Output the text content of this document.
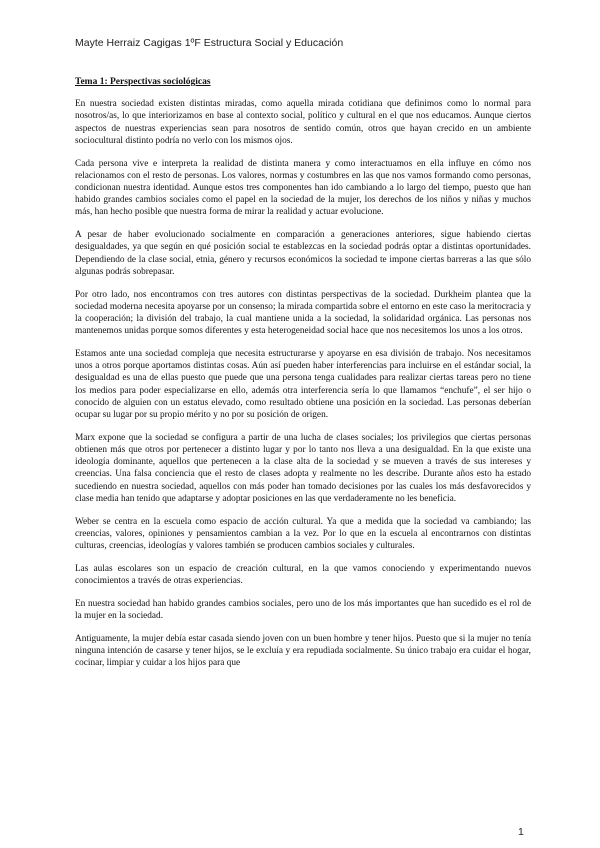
Mayte Herraiz Cagigas 1ºF Estructura Social y Educación
Tema 1: Perspectivas sociológicas

En nuestra sociedad existen distintas miradas, como aquella mirada cotidiana que definimos como lo normal para nosotros/as, lo que interiorizamos en base al contexto social, político y cultural en el que nos educamos. Aunque ciertos aspectos de nuestras experiencias sean para nosotros de sentido común, otros que hayan crecido en un ambiente sociocultural distinto podría no verlo con los mismos ojos.

Cada persona vive e interpreta la realidad de distinta manera y como interactuamos en ella influye en cómo nos relacionamos con el resto de personas. Los valores, normas y costumbres en las que nos vamos formando como personas, condicionan nuestra identidad. Aunque estos tres componentes han ido cambiando a lo largo del tiempo, puesto que han habido grandes cambios sociales como el papel en la sociedad de la mujer, los derechos de los niños y niñas y muchos más, han hecho posible que nuestra forma de mirar la realidad y actuar evolucione.

A pesar de haber evolucionado socialmente en comparación a generaciones anteriores, sigue habiendo ciertas desigualdades, ya que según en qué posición social te establezcas en la sociedad podrás optar a distintas oportunidades. Dependiendo de la clase social, etnia, género y recursos económicos la sociedad te impone ciertas barreras a las que sólo algunas podrás sobrepasar.

Por otro lado, nos encontramos con tres autores con distintas perspectivas de la sociedad. Durkheim plantea que la sociedad moderna necesita apoyarse por un consenso; la mirada compartida sobre el entorno en este caso la meritocracia y la cooperación; la división del trabajo, la cual mantiene unida a la sociedad, la solidaridad orgánica. Las personas nos mantenemos unidas porque somos diferentes y esta heterogeneidad social hace que nos necesitemos los unos a los otros.

Estamos ante una sociedad compleja que necesita estructurarse y apoyarse en esa división de trabajo. Nos necesitamos unos a otros porque aportamos distintas cosas. Aún así pueden haber interferencias para incluirse en el estándar social, la desigualdad es una de ellas puesto que puede que una persona tenga cualidades para realizar ciertas tareas pero no tiene los medios para poder especializarse en ello, además otra interferencia sería lo que llamamos “enchufe”, el ser hijo o conocido de alguien con un estatus elevado, como resultado obtiene una posición en la sociedad. Las personas deberían ocupar su lugar por su propio mérito y no por su posición de origen.

Marx expone que la sociedad se configura a partir de una lucha de clases sociales; los privilegios que ciertas personas obtienen más que otros por pertenecer a distinto lugar y por lo tanto nos lleva a una desigualdad. En la que existe una ideología dominante, aquellos que pertenecen a la clase alta de la sociedad y se mueven a través de sus intereses y creencias. Una falsa conciencia que el resto de clases adopta y realmente no les describe. Durante años esto ha estado sucediendo en nuestra sociedad, aquellos con más poder han tomado decisiones por las cuales los más desfavorecidos y clase media han tenido que adaptarse y adoptar posiciones en las que verdaderamente no les beneficia.

Weber se centra en la escuela como espacio de acción cultural. Ya que a medida que la sociedad va cambiando; las creencias, valores, opiniones y pensamientos cambian a la vez. Por lo que en la escuela al encontrarnos con distintas culturas, creencias, ideologías y valores también se producen cambios sociales y culturales.

Las aulas escolares son un espacio de creación cultural, en la que vamos conociendo y experimentando nuevos conocimientos a través de otras experiencias.

En nuestra sociedad han habido grandes cambios sociales, pero uno de los más importantes que han sucedido es el rol de la mujer en la sociedad.

Antiguamente, la mujer debía estar casada siendo joven con un buen hombre y tener hijos. Puesto que si la mujer no tenía ninguna intención de casarse y tener hijos, se le excluía y era repudiada socialmente. Su único trabajo era cuidar el hogar, cocinar, limpiar y cuidar a los hijos para que

1
